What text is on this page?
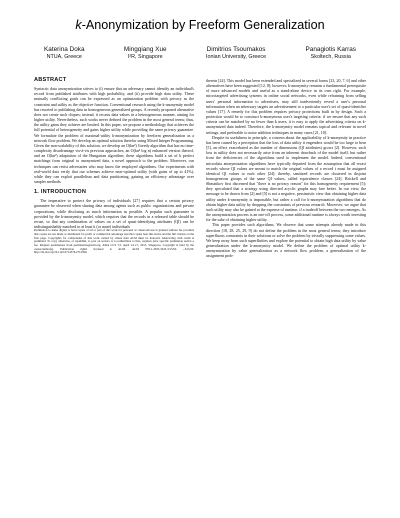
k-Anonymization by Freeform Generalization
Katerina Doka
NTUA, Greece
Mingqiang Xue
I²R, Singapore
Dimitrios Tsoumakos
Ionian University, Greece
Panagiotis Karras
Skoltech, Russia
ABSTRACT

Syntactic data anonymization strives to (i) ensure that an adversary cannot identify an individual's record from published attributes with high probability, and (ii) provide high data utility. These mutually conflicting goals can be expressed as an optimization problem with privacy as the constraint and utility as the objective function. Conventional research using the k-anonymity model has resorted to publishing data in homogeneous generalized groups. A recently proposed alternative does not create such cliques; instead, it recasts data values in a heterogeneous manner, aiming for higher utility. Nevertheless, such works never defined the problem in the most general terms; thus, the utility gains they achieve are limited. In this paper, we propose a methodology that achieves the full potential of heterogeneity and gains higher utility while providing the same privacy guarantee. We formulate the problem of maximal-utility k-anonymization by freeform generalization as a network flow problem. We develop an optimal solution therefor using Mixed Integer Programming. Given the non-scalability of this solution, we develop an O(kn²) Greedy algorithm that has no time-complexity disadvantage vis-à-vis previous approaches, an O(kn² log n) enhanced version thereof, and an O(kn³) adaptation of the Hungarian algorithm; these algorithms build a set of k perfect matchings from original to anonymized data, a novel approach to the problem. Moreover, our techniques can resist adversaries who may know the employed algorithms. Our experiments with real-world data verify that our schemes achieve near-optimal utility (with gains of up to 41%), while they can exploit parallelism and data partitioning, gaining an efficiency advantage over simpler methods.

1. INTRODUCTION

The imperative to protect the privacy of individuals [27] requires that a certain privacy guarantee be observed when sharing data among agents such as public organizations and private corporations, while disclosing as much information as possible. A popular such guarantee is provided by the k-anonymity model, which requires that the records in a released table should be recast, so that any combination of values on a set of quasi-identifying attributes (QI) can be indistinguishably matched to at least k (or none) individuals

Permission to make digital or hard copies of all or part of this work for personal or classroom use is granted without fee provided that copies are not made or distributed for profit or commercial advantage and that copies bear this notice and the full citation on the first page. Copyrights for components of this work owned by others than ACM must be honored. Abstracting with credit is permitted. To copy otherwise, or republish, to post on servers or to redistribute to lists, requires prior specific permission and/or a fee. Request permissions from permissions@acm.org. ASIA CCS '15, April 14–17, 2015, Singapore. Copyright is held by the owner/author(s). Publication rights licensed to ACM. ACM 978-1-4503-3245-3/15/04 ...$15.00. http://dx.doi.org/10.1145/2714576.2714590.

therein [24]. This model has been extended and specialized in several forms [23, 20, 7, 6] and other alternatives have been suggested [12, 8]; however, k-anonymity remains a fundamental prerequisite of more advanced models and useful as a stand-alone device in its own right. For example, microtargeted advertising systems in online social networks, even while refraining from selling users' personal information to advertisers, may still inadvertently reveal a user's personal information when an adversary targets an advertisement to a particular user's set of quasi-identifier values [17]. A remedy for this problem requires privacy protections built in by design. Such a protection would be to construct k-anonymous user's targeting criteria: if we ensure that any such criteria can be matched by no fewer than k users, it is easy to apply the advertising criteria on k-anonymized data indeed. Therefore, the k-anonymity model remains topical and relevant in novel settings, and preferable to noise addition techniques in many cases [21, 10].

Despite its usefulness in principle, a concern about the applicability of k-anonymity in practice has been caused by a perception that the loss of data utility it engenders would be too large to bear [5], an effect exacerbated as the number of dimensions (QI attributes) grows [2]. However, such loss in utility does not necessarily arise from an inherent drawback of the model itself, but rather from the deficiencies of the algorithms used to implement the model. Indeed, conventional microdata anonymization algorithms have typically departed from the assumption that all recast records whose QI values are meant to match the original values of a record t must be assigned identical QI values to each other [24]; thereby, sanitized records are clustered in disjoint homogeneous groups of the same QI values, called equivalence classes [24]. Brickell and Shmatikov first discerned that "there is no privacy reason" for this homogeneity requirement [5]; they speculated that a strategy using directed acyclic graphs may fare better. In our view, the message to be drawn from [2] and [5] is not a negative, pessimistic view that obtaining higher data utility under k-anonymity is impossible, but rather a call for k-anonymization algorithms that do obtain higher data utility by dropping the constraints of previous research. Moreover, we argue that such utility may also be gained at the expense of runtime, if a tradeoff between the two emerges. As the anonymization process is an one-off process, some additional runtime is always worth investing for the sake of obtaining higher utility.

This paper provides such algorithms. We observe that some attempts already made in this direction [18, 28, 25, 29, 9] do not define the problem in the most general terms; they introduce superfluous constraints in their solutions or solve the problem by trivially suppressing some values. We keep away from such superfluities and explore the potential to obtain high data utility by value generalization under the k-anonymity model. We define the problem of optimal utility k-anonymization by value generalization as a network flow problem, a generalization of the assignment prob-
